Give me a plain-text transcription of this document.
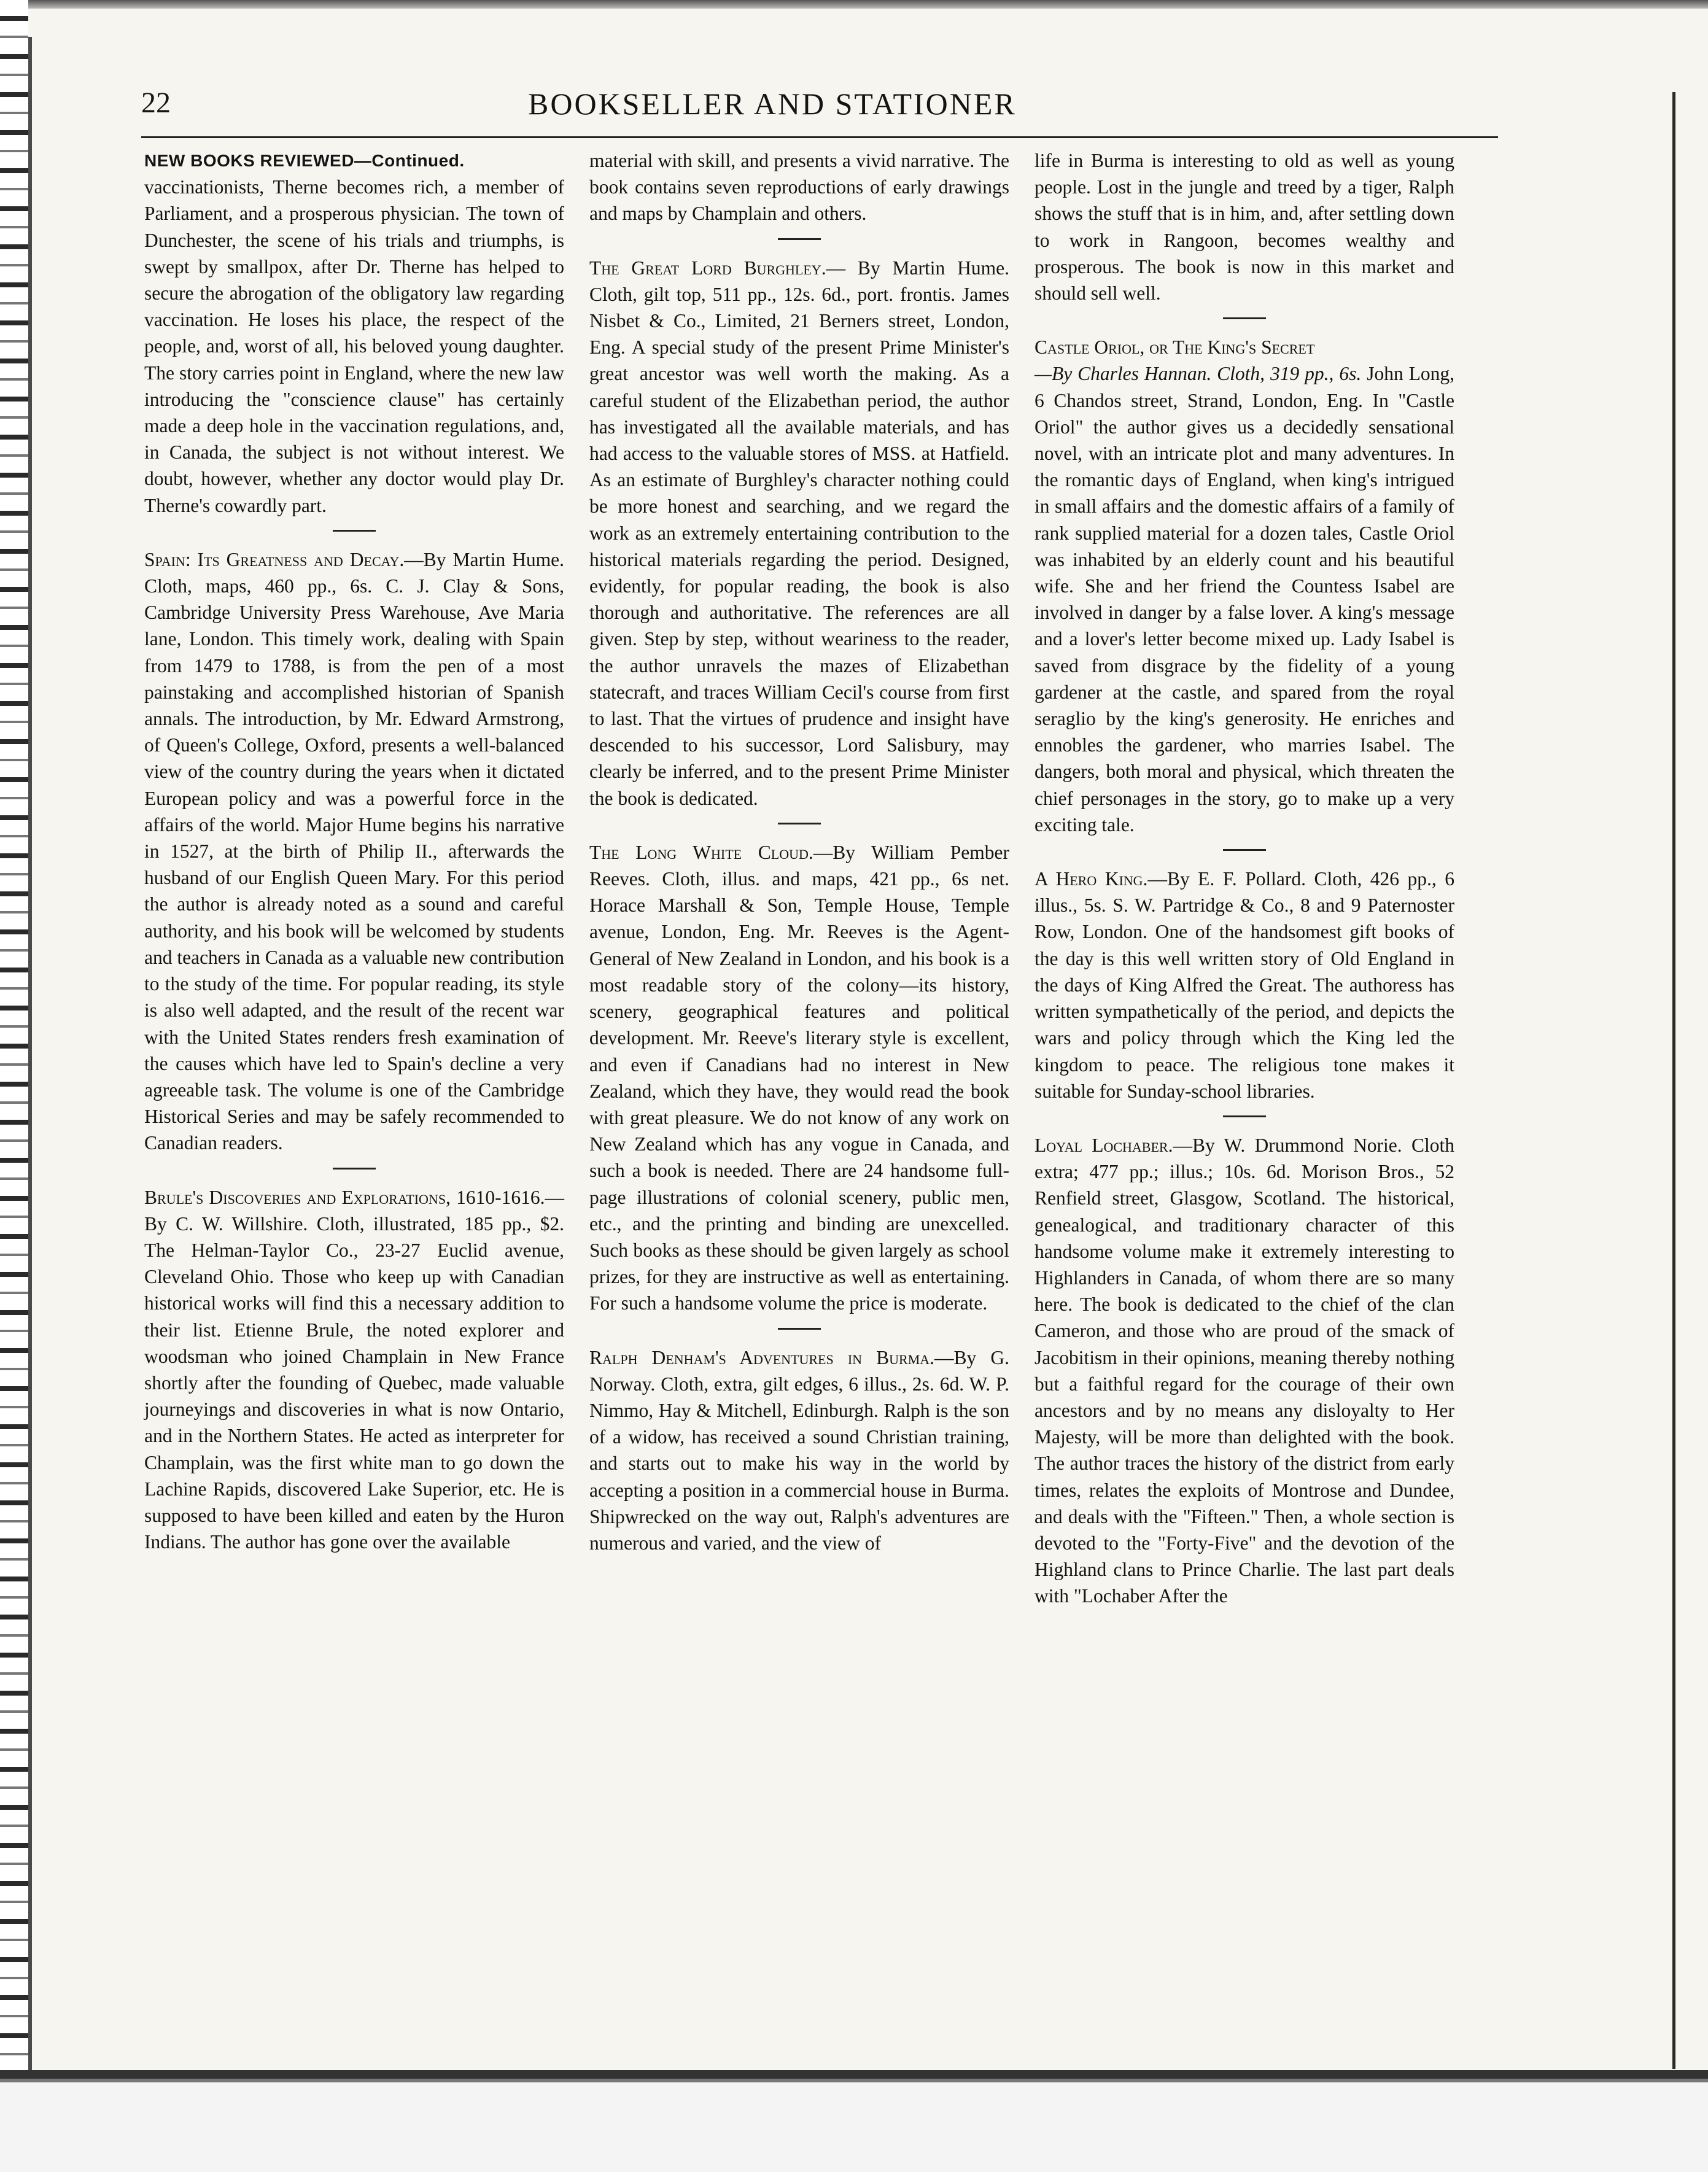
22	BOOKSELLER AND STATIONER
NEW BOOKS REVIEWED—Continued.

vaccinationists, Therne becomes rich, a member of Parliament, and a prosperous physician. The town of Dunchester, the scene of his trials and triumphs, is swept by smallpox, after Dr. Therne has helped to secure the abrogation of the obligatory law regarding vaccination. He loses his place, the respect of the people, and, worst of all, his beloved young daughter. The story carries point in England, where the new law introducing the "conscience clause" has certainly made a deep hole in the vaccination regulations, and, in Canada, the subject is not without interest. We doubt, however, whether any doctor would play Dr. Therne's cowardly part.

Spain: Its Greatness and Decay.—By Martin Hume. Cloth, maps, 460 pp., 6s. C. J. Clay & Sons, Cambridge University Press Warehouse, Ave Maria lane, London. This timely work, dealing with Spain from 1479 to 1788, is from the pen of a most painstaking and accomplished historian of Spanish annals. The introduction, by Mr. Edward Armstrong, of Queen's College, Oxford, presents a well-balanced view of the country during the years when it dictated European policy and was a powerful force in the affairs of the world. Major Hume begins his narrative in 1527, at the birth of Philip II., afterwards the husband of our English Queen Mary. For this period the author is already noted as a sound and careful authority, and his book will be welcomed by students and teachers in Canada as a valuable new contribution to the study of the time. For popular reading, its style is also well adapted, and the result of the recent war with the United States renders fresh examination of the causes which have led to Spain's decline a very agreeable task. The volume is one of the Cambridge Historical Series and may be safely recommended to Canadian readers.

Brule's Discoveries and Explorations, 1610-1616.—By C. W. Willshire. Cloth, illustrated, 185 pp., $2. The Helman-Taylor Co., 23-27 Euclid avenue, Cleveland Ohio. Those who keep up with Canadian historical works will find this a necessary addition to their list. Etienne Brule, the noted explorer and woodsman who joined Champlain in New France shortly after the founding of Quebec, made valuable journeyings and discoveries in what is now Ontario, and in the Northern States. He acted as interpreter for Champlain, was the first white man to go down the Lachine Rapids, discovered Lake Superior, etc. He is supposed to have been killed and eaten by the Huron Indians. The author has gone over the available

material with skill, and presents a vivid narrative. The book contains seven reproductions of early drawings and maps by Champlain and others.

The Great Lord Burghley.— By Martin Hume. Cloth, gilt top, 511 pp., 12s. 6d., port. frontis. James Nisbet & Co., Limited, 21 Berners street, London, Eng. A special study of the present Prime Minister's great ancestor was well worth the making. As a careful student of the Elizabethan period, the author has investigated all the available materials, and has had access to the valuable stores of MSS. at Hatfield. As an estimate of Burghley's character nothing could be more honest and searching, and we regard the work as an extremely entertaining contribution to the historical materials regarding the period. Designed, evidently, for popular reading, the book is also thorough and authoritative. The references are all given. Step by step, without weariness to the reader, the author unravels the mazes of Elizabethan statecraft, and traces William Cecil's course from first to last. That the virtues of prudence and insight have descended to his successor, Lord Salisbury, may clearly be inferred, and to the present Prime Minister the book is dedicated.

The Long White Cloud.—By William Pember Reeves. Cloth, illus. and maps, 421 pp., 6s net. Horace Marshall & Son, Temple House, Temple avenue, London, Eng. Mr. Reeves is the Agent-General of New Zealand in London, and his book is a most readable story of the colony—its history, scenery, geographical features and political development. Mr. Reeve's literary style is excellent, and even if Canadians had no interest in New Zealand, which they have, they would read the book with great pleasure. We do not know of any work on New Zealand which has any vogue in Canada, and such a book is needed. There are 24 handsome full-page illustrations of colonial scenery, public men, etc., and the printing and binding are unexcelled. Such books as these should be given largely as school prizes, for they are instructive as well as entertaining. For such a handsome volume the price is moderate.

Ralph Denham's Adventures in Burma.—By G. Norway. Cloth, extra, gilt edges, 6 illus., 2s. 6d. W. P. Nimmo, Hay & Mitchell, Edinburgh. Ralph is the son of a widow, has received a sound Christian training, and starts out to make his way in the world by accepting a position in a commercial house in Burma. Shipwrecked on the way out, Ralph's adventures are numerous and varied, and the view of

life in Burma is interesting to old as well as young people. Lost in the jungle and treed by a tiger, Ralph shows the stuff that is in him, and, after settling down to work in Rangoon, becomes wealthy and prosperous. The book is now in this market and should sell well.

Castle Oriol, or The King's Secret
—By Charles Hannan. Cloth, 319 pp., 6s. John Long, 6 Chandos street, Strand, London, Eng. In "Castle Oriol" the author gives us a decidedly sensational novel, with an intricate plot and many adventures. In the romantic days of England, when king's intrigued in small affairs and the domestic affairs of a family of rank supplied material for a dozen tales, Castle Oriol was inhabited by an elderly count and his beautiful wife. She and her friend the Countess Isabel are involved in danger by a false lover. A king's message and a lover's letter become mixed up. Lady Isabel is saved from disgrace by the fidelity of a young gardener at the castle, and spared from the royal seraglio by the king's generosity. He enriches and ennobles the gardener, who marries Isabel. The dangers, both moral and physical, which threaten the chief personages in the story, go to make up a very exciting tale.

A Hero King.—By E. F. Pollard. Cloth, 426 pp., 6 illus., 5s. S. W. Partridge & Co., 8 and 9 Paternoster Row, London. One of the handsomest gift books of the day is this well written story of Old England in the days of King Alfred the Great. The authoress has written sympathetically of the period, and depicts the wars and policy through which the King led the kingdom to peace. The religious tone makes it suitable for Sunday-school libraries.

Loyal Lochaber.—By W. Drummond Norie. Cloth extra; 477 pp.; illus.; 10s. 6d. Morison Bros., 52 Renfield street, Glasgow, Scotland. The historical, genealogical, and traditionary character of this handsome volume make it extremely interesting to Highlanders in Canada, of whom there are so many here. The book is dedicated to the chief of the clan Cameron, and those who are proud of the smack of Jacobitism in their opinions, meaning thereby nothing but a faithful regard for the courage of their own ancestors and by no means any disloyalty to Her Majesty, will be more than delighted with the book. The author traces the history of the district from early times, relates the exploits of Montrose and Dundee, and deals with the "Fifteen." Then, a whole section is devoted to the "Forty-Five" and the devotion of the Highland clans to Prince Charlie. The last part deals with "Lochaber After the
